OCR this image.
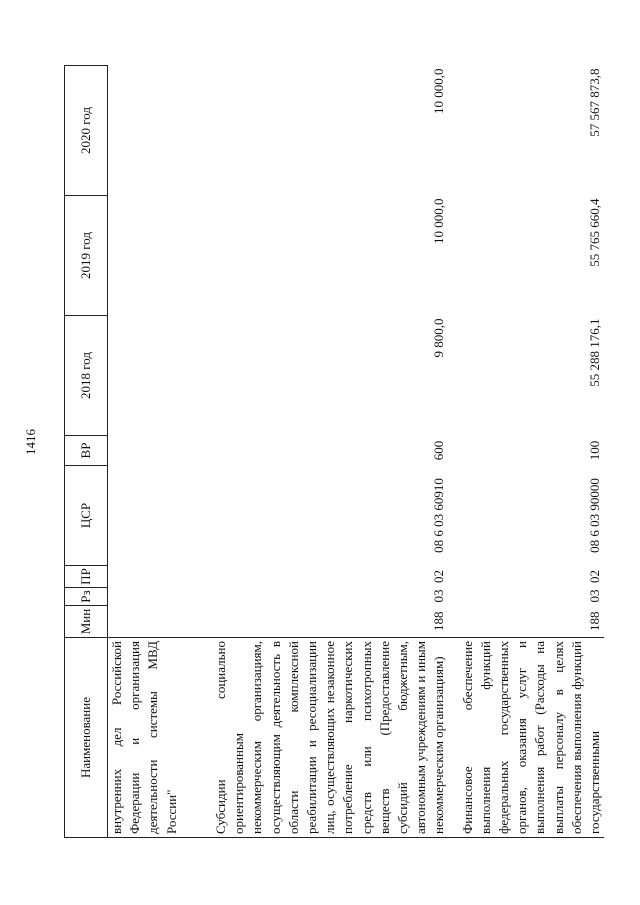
1416
Наименование	Мин	Рз	ПР	ЦСР	ВР	2018 год	2019 год	2020 год
внутренних дел Российской Федерации и организация деятельности системы МВД России"								
Субсидии социально ориентированным некоммерческим организациям, осуществляющим деятельность в области комплексной реабилитации и ресоциализации лиц, осуществляющих незаконное потребление наркотических средств или психотропных веществ (Предоставление субсидий бюджетным, автономным учреждениям и иным некоммерческим организациям)	188	03	02	08 6 03 60910	600	9 800,0	10 000,0	10 000,0
Финансовое обеспечение выполнения функций федеральных государственных органов, оказания услуг и выполнения работ (Расходы на выплаты персоналу в целях обеспечения выполнения функций государственными	188	03	02	08 6 03 90000	100	55 288 176,1	55 765 660,4	57 567 873,8
